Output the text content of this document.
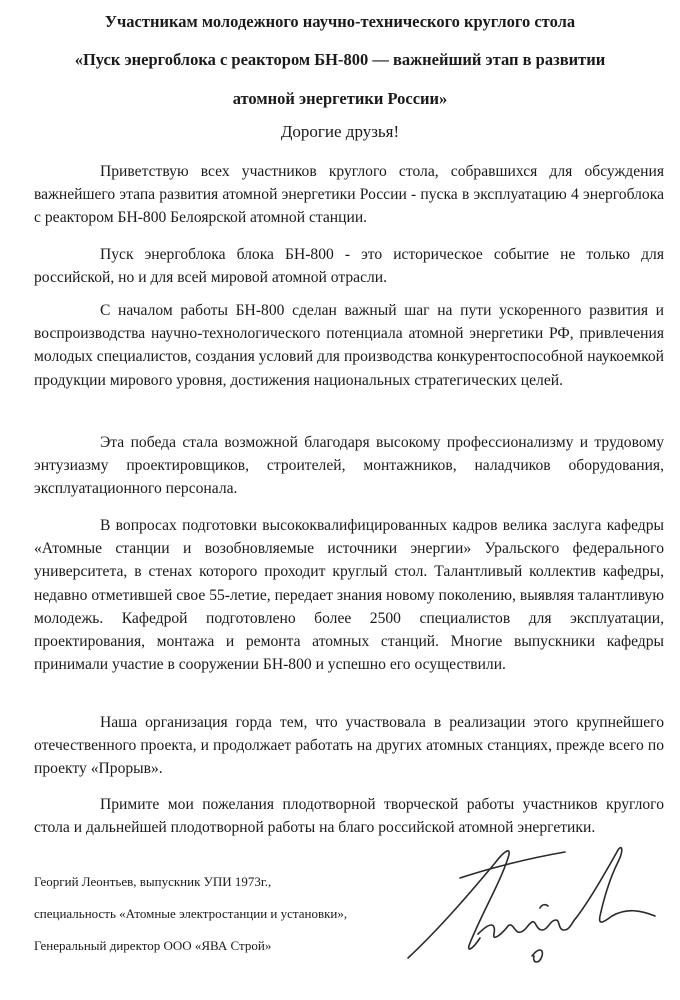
Участникам молодежного научно-технического круглого стола
«Пуск энергоблока с реактором БН-800 — важнейший этап в развитии
атомной энергетики России»
Дорогие друзья!

Приветствую всех участников круглого стола, собравшихся для обсуждения важнейшего этапа развития атомной энергетики России - пуска в эксплуатацию 4 энергоблока с реактором БН-800 Белоярской атомной станции.

Пуск энергоблока блока БН-800 - это историческое событие не только для российской, но и для всей мировой атомной отрасли.

С началом работы БН-800 сделан важный шаг на пути ускоренного развития и воспроизводства научно-технологического потенциала атомной энергетики РФ, привлечения молодых специалистов, создания условий для производства конкурентоспособной наукоемкой продукции мирового уровня, достижения национальных стратегических целей.

Эта победа стала возможной благодаря высокому профессионализму и трудовому энтузиазму проектировщиков, строителей, монтажников, наладчиков оборудования, эксплуатационного персонала.

В вопросах подготовки высококвалифицированных кадров велика заслуга кафедры «Атомные станции и возобновляемые источники энергии» Уральского федерального университета, в стенах которого проходит круглый стол. Талантливый коллектив кафедры, недавно отметившей свое 55-летие, передает знания новому поколению, выявляя талантливую молодежь. Кафедрой подготовлено более 2500 специалистов для эксплуатации, проектирования, монтажа и ремонта атомных станций. Многие выпускники кафедры принимали участие в сооружении БН-800 и успешно его осуществили.

Наша организация горда тем, что участвовала в реализации этого крупнейшего отечественного проекта, и продолжает работать на других атомных станциях, прежде всего по проекту «Прорыв».

Примите мои пожелания плодотворной творческой работы участников круглого стола и дальнейшей плодотворной работы на благо российской атомной энергетики.

Георгий Леонтьев, выпускник УПИ 1973г.,
специальность «Атомные электростанции и установки»,
Генеральный директор ООО «ЯВА Строй»
